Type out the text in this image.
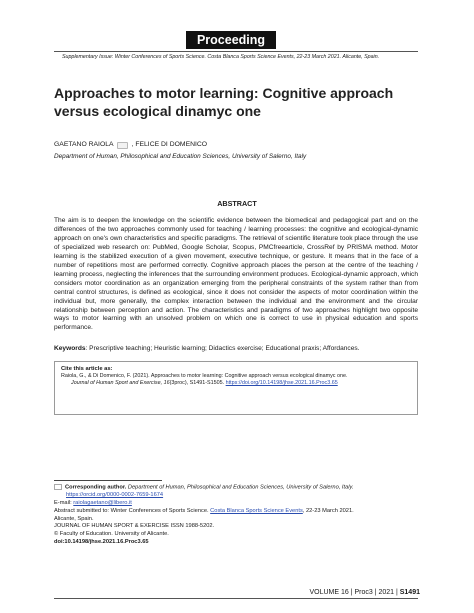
Proceeding
Supplementary Issue: Winter Conferences of Sports Science. Costa Blanca Sports Science Events, 22-23 March 2021. Alicante, Spain.
Approaches to motor learning: Cognitive approach
versus ecological dinamyc one
GAETANO RAIOLA	, FELICE DI DOMENICO
Department of Human, Philosophical and Education Sciences, University of Salerno, Italy
ABSTRACT
The aim is to deepen the knowledge on the scientific evidence between the biomedical and pedagogical part and on the differences of the two approaches commonly used for teaching / learning processes: the cognitive and ecological-dynamic approach on one's own characteristics and specific paradigms. The retrieval of scientific literature took place through the use of specialized web research on: PubMed, Google Scholar, Scopus, PMCfreearticle, CrossRef by PRISMA method. Motor learning is the stabilized execution of a given movement, executive technique, or gesture. It means that in the face of a number of repetitions most are performed correctly. Cognitive approach places the person at the centre of the teaching / learning process, neglecting the inferences that the surrounding environment produces. Ecological-dynamic approach, which considers motor coordination as an organization emerging from the peripheral constraints of the system rather than from central control structures, is defined as ecological, since it does not consider the aspects of motor coordination within the individual but, more generally, the complex interaction between the individual and the environment and the circular relationship between perception and action. The characteristics and paradigms of two approaches highlight two opposite ways to motor learning with an unsolved problem on which one is correct to use in physical education and sports performance.
Keywords: Prescriptive teaching; Heuristic learning; Didactics exercise; Educational praxis; Affordances.
Cite this article as:
Raiola, G., & Di Domenico, F. (2021). Approaches to motor learning: Cognitive approach versus ecological dinamyc one.
Journal of Human Sport and Exercise, 16(3proc), S1491-S1505. https://doi.org/10.14198/jhse.2021.16.Proc3.65
Corresponding author. Department of Human, Philosophical and Education Sciences, University of Salerno, Italy.
https://orcid.org/0000-0002-7659-1674
E-mail: raiolagaetano@libero.it
Abstract submitted to: Winter Conferences of Sports Science. Costa Blanca Sports Science Events, 22-23 March 2021.
Alicante, Spain.
JOURNAL OF HUMAN SPORT & EXERCISE ISSN 1988-5202.
© Faculty of Education. University of Alicante.
doi:10.14198/jhse.2021.16.Proc3.65
VOLUME 16 | Proc3 | 2021 | S1491
